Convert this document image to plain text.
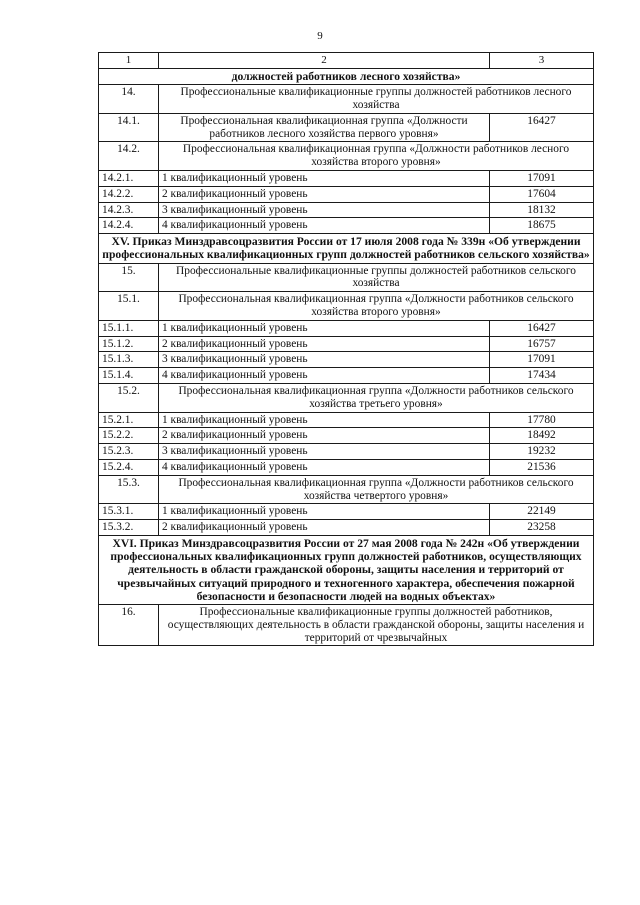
9
1	2	3
должностей работников лесного хозяйства»		
14.	Профессиональные квалификационные группы должностей работников лесного хозяйства	
14.1.	Профессиональная квалификационная группа «Должности работников лесного хозяйства первого уровня»	16427
14.2.	Профессиональная квалификационная группа «Должности работников лесного хозяйства второго уровня»	
14.2.1.	1 квалификационный уровень	17091
14.2.2.	2 квалификационный уровень	17604
14.2.3.	3 квалификационный уровень	18132
14.2.4.	4 квалификационный уровень	18675
XV. Приказ Минздравсоцразвития России от 17 июля 2008 года № 339н «Об утверждении профессиональных квалификационных групп должностей работников сельского хозяйства»		
15.	Профессиональные квалификационные группы должностей работников сельского хозяйства	
15.1.	Профессиональная квалификационная группа «Должности работников сельского хозяйства второго уровня»	
15.1.1.	1 квалификационный уровень	16427
15.1.2.	2 квалификационный уровень	16757
15.1.3.	3 квалификационный уровень	17091
15.1.4.	4 квалификационный уровень	17434
15.2.	Профессиональная квалификационная группа «Должности работников сельского хозяйства третьего уровня»	
15.2.1.	1 квалификационный уровень	17780
15.2.2.	2 квалификационный уровень	18492
15.2.3.	3 квалификационный уровень	19232
15.2.4.	4 квалификационный уровень	21536
15.3.	Профессиональная квалификационная группа «Должности работников сельского хозяйства четвертого уровня»	
15.3.1.	1 квалификационный уровень	22149
15.3.2.	2 квалификационный уровень	23258
XVI. Приказ Минздравсоцразвития России от 27 мая 2008 года № 242н «Об утверждении профессиональных квалификационных групп должностей работников, осуществляющих деятельность в области гражданской обороны, защиты населения и территорий от чрезвычайных ситуаций природного и техногенного характера, обеспечения пожарной безопасности и безопасности людей на водных объектах»		
16.	Профессиональные квалификационные группы должностей работников, осуществляющих деятельность в области гражданской обороны, защиты населения и территорий от чрезвычайных	
